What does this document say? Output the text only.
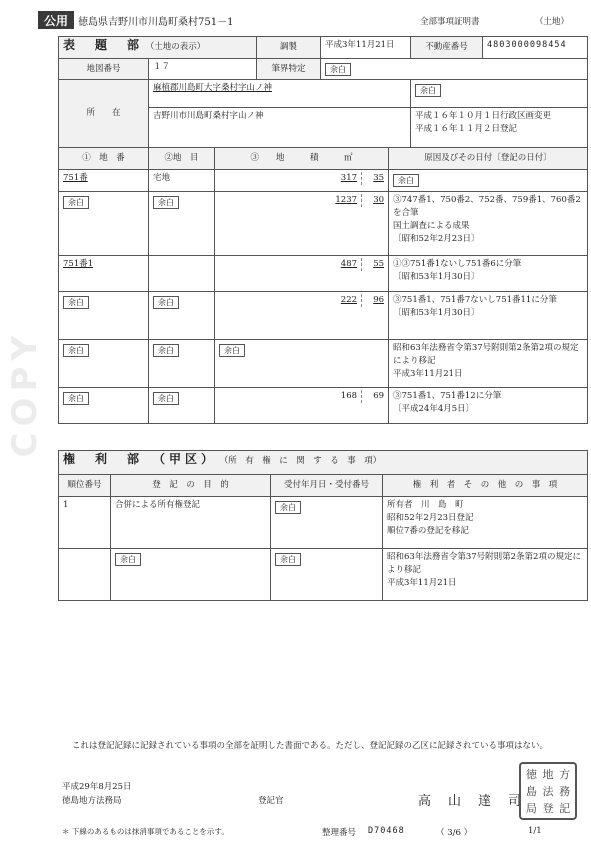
公用	徳島県吉野川市川島町桑村751－1	全部事項証明書	（土地）
COPY
表　題　部 （土地の表示）			調製	平成3年11月21日		不動産番号	4803000098454
地図番号	１７		筆界特定	余白			
所　　在	麻植郡川島町大字桑村字山ノ神					余白	
	吉野川市川島町桑村字山ノ神					平成１６年１０月１日行政区画変更
平成１６年１１月２日登記	
①　地　番	②地　目	③　　地　　　積　　　㎡			原因及びその日付〔登記の日付〕		
751番	宅地	317 35			余白		
余白	余白	1237 30			③747番1、750番2、752番、759番1、760番2を合筆
国土調査による成果
〔昭和52年2月23日〕		
751番1		487 55			①③751番1ないし751番6に分筆
〔昭和53年1月30日〕		
余白	余白	222 96			③751番1、751番7ないし751番11に分筆
〔昭和53年1月30日〕		
余白	余白	余白			昭和63年法務省令第37号附則第2条第2項の規定により移記
平成3年11月21日		
余白	余白	168 69			③751番1、751番12に分筆
〔平成24年4月5日〕		
権　利　部　（甲区） （所　有　権　に　関　す　る　事　項）			
順位番号	登　記　の　目　的	受付年月日・受付番号	権　利　者　そ　の　他　の　事　項
1	合併による所有権登記	余白	所有者　川　島　町
昭和52年2月23日登記
順位7番の登記を移記
	余白	余白	昭和63年法務省令第37号附則第2条第2項の規定により移記
平成3年11月21日
これは登記記録に記録されている事項の全部を証明した書面である。ただし、登記記録の乙区に記録されている事項はない。
平成29年8月25日
徳島地方法務局	登記官	高　山　達　司
徳 地 方
島 法 務
局 登 記
＊ 下線のあるものは抹消事項であることを示す。	整理番号 D70468	（ 3/6 ）	1/1
